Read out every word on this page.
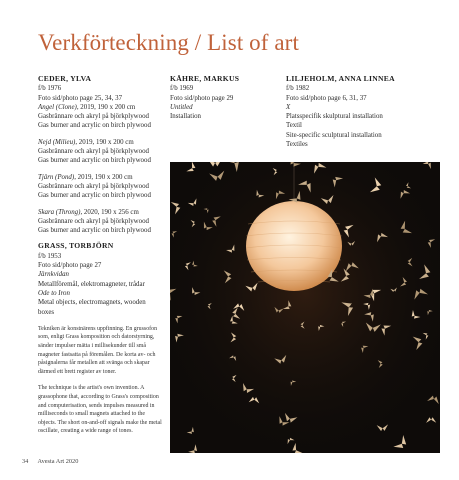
Verkförteckning / List of art
CEDER, YLVA
f/b 1976
Foto sid/photo page 25, 34, 37
Angel (Clone), 2019, 190 x 200 cm
Gasbrännare och akryl på björkplywood
Gas burner and acrylic on birch plywood
Nejd (Milieu), 2019, 190 x 200 cm
Gasbrännare och akryl på björkplywood
Gas burner and acrylic on birch plywood
Tjärn (Pond), 2019, 190 x 200 cm
Gasbrännare och akryl på björkplywood
Gas burner and acrylic on birch plywood
Skara (Throng), 2020, 190 x 256 cm
Gasbrännare och akryl på björkplywood
Gas burner and acrylic on birch plywood
GRASS, TORBJÖRN
f/b 1953
Foto sid/photo page 27
Järnkvidan
Metallföremål, elektromagneter, trådar
Ode to Iron
Metal objects, electromagnets, wooden boxes
Tekniken är konstnärens uppfinning. En grussofon som, enligt Grass komposition och datorstyrning, sänder impulser mätta i millisekunder till små magneter fastsatta på föremålen. De korta av- och påsignalerna får metallen att svänga och skapar därmed ett brett register av toner.
The technique is the artist's own invention. A grassophone that, according to Grass's composition and computerisation, sends impulses measured in milliseconds to small magnets attached to the objects. The short on-and-off signals make the metal oscillate, creating a wide range of tones.
KÄHRE, MARKUS
f/b 1969
Foto sid/photo page 29
Untitled
Installation
LILJEHOLM, ANNA LINNEA
f/b 1982
Foto sid/photo page 6, 31, 37
X
Platsspecifik skulptural installation
Textil
Site-specific sculptural installation
Textiles
34 Avesta Art 2020
